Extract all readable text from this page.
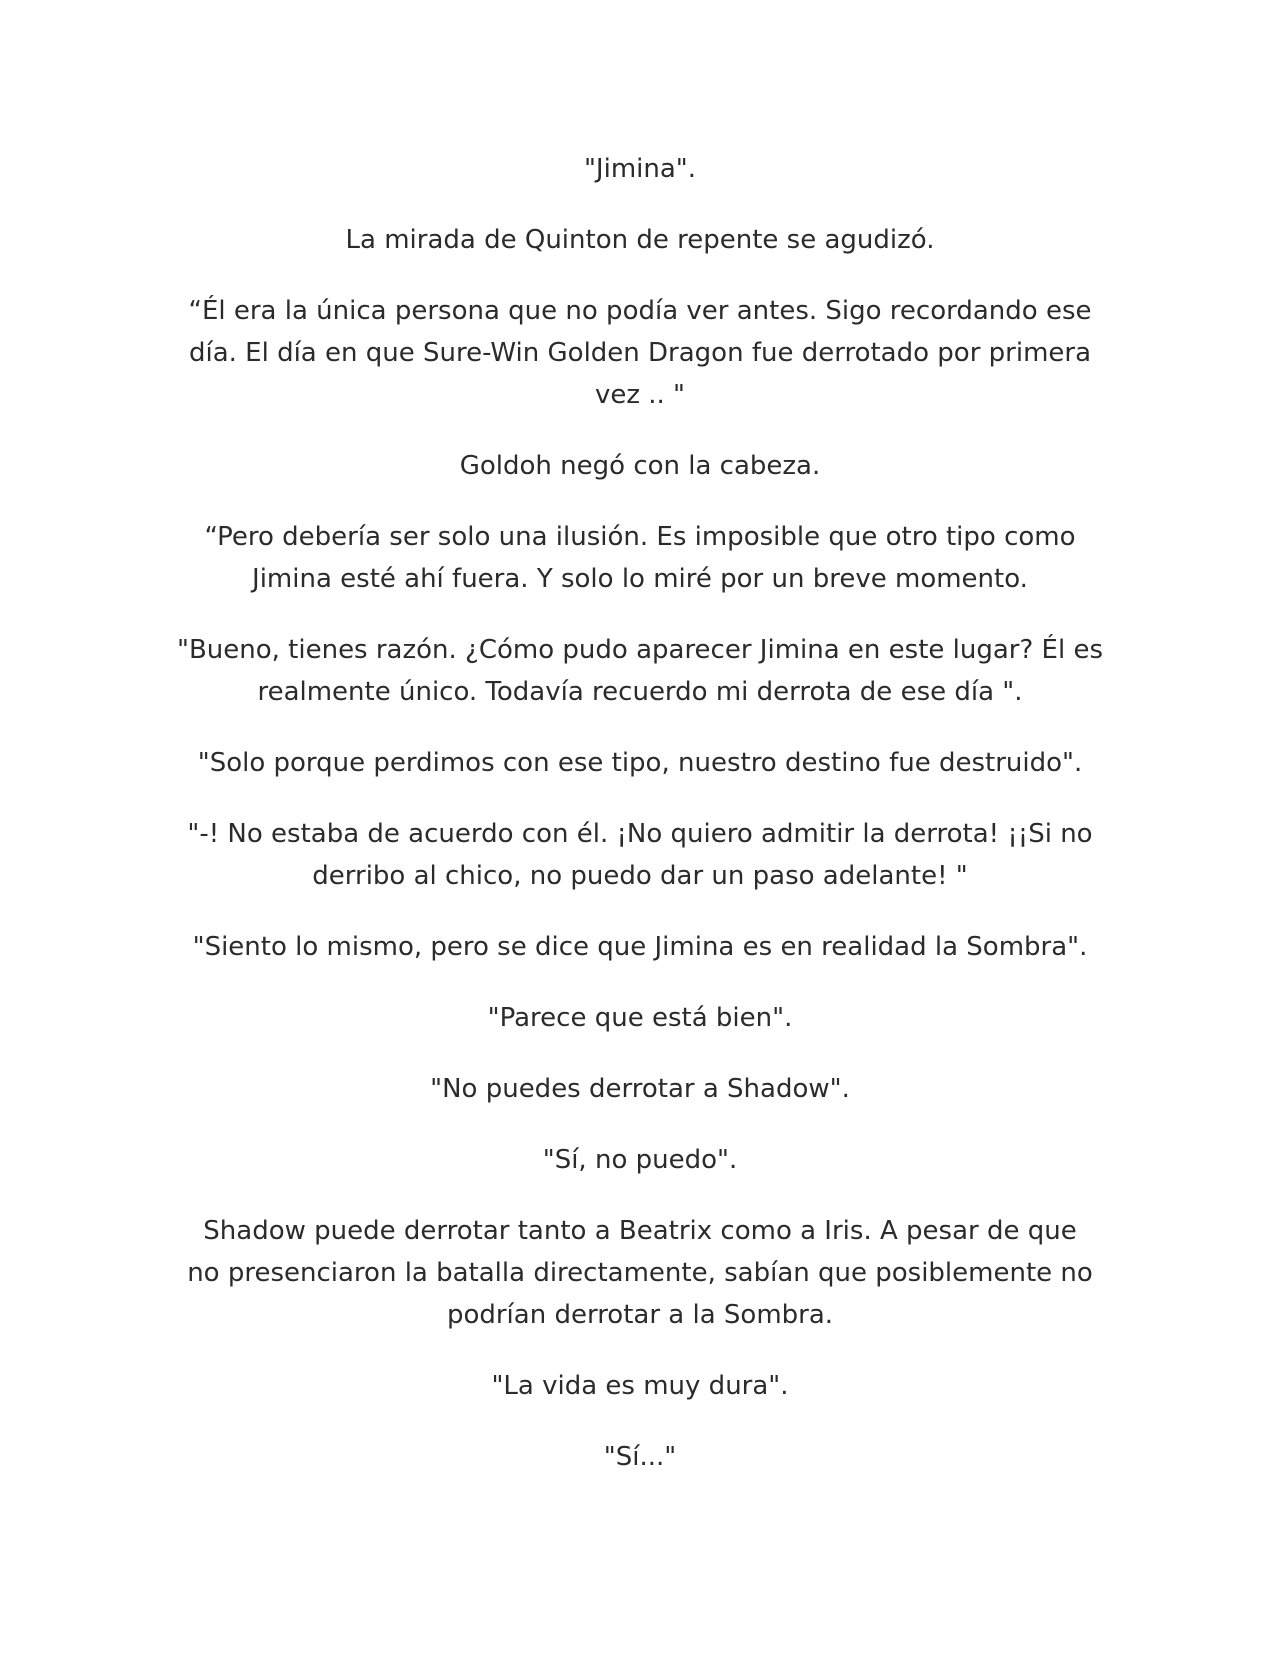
"Jimina".

La mirada de Quinton de repente se agudizó.

“Él era la única persona que no podía ver antes. Sigo recordando ese
día. El día en que Sure-Win Golden Dragon fue derrotado por primera
vez .. "

Goldoh negó con la cabeza.

“Pero debería ser solo una ilusión. Es imposible que otro tipo como
Jimina esté ahí fuera. Y solo lo miré por un breve momento.

"Bueno, tienes razón. ¿Cómo pudo aparecer Jimina en este lugar? Él es
realmente único. Todavía recuerdo mi derrota de ese día ".

"Solo porque perdimos con ese tipo, nuestro destino fue destruido".

"-! No estaba de acuerdo con él. ¡No quiero admitir la derrota! ¡¡Si no
derribo al chico, no puedo dar un paso adelante! "

"Siento lo mismo, pero se dice que Jimina es en realidad la Sombra".

"Parece que está bien".

"No puedes derrotar a Shadow".

"Sí, no puedo".

Shadow puede derrotar tanto a Beatrix como a Iris. A pesar de que
no presenciaron la batalla directamente, sabían que posiblemente no
podrían derrotar a la Sombra.

"La vida es muy dura".

"Sí..."
